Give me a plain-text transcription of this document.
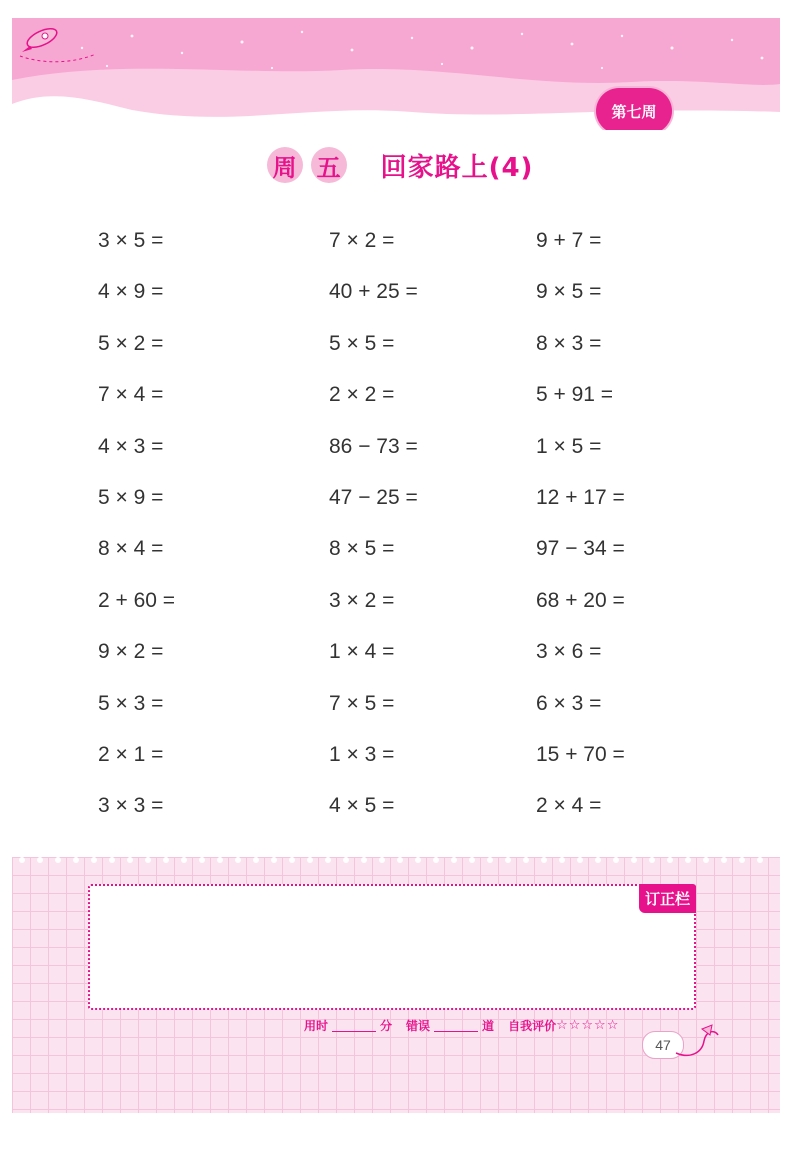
第七周
周 五 回家路上(4)
3 × 5 =	7 × 2 =	9 + 7 =
4 × 9 =	40 + 25 =	9 × 5 =
5 × 2 =	5 × 5 =	8 × 3 =
7 × 4 =	2 × 2 =	5 + 91 =
4 × 3 =	86 − 73 =	1 × 5 =
5 × 9 =	47 − 25 =	12 + 17 =
8 × 4 =	8 × 5 =	97 − 34 =
2 + 60 =	3 × 2 =	68 + 20 =
9 × 2 =	1 × 4 =	3 × 6 =
5 × 3 =	7 × 5 =	6 × 3 =
2 × 1 =	1 × 3 =	15 + 70 =
3 × 3 =	4 × 5 =	2 × 4 =
订正栏
用时	分 错误	道 自我评价 ☆☆☆☆☆
47
